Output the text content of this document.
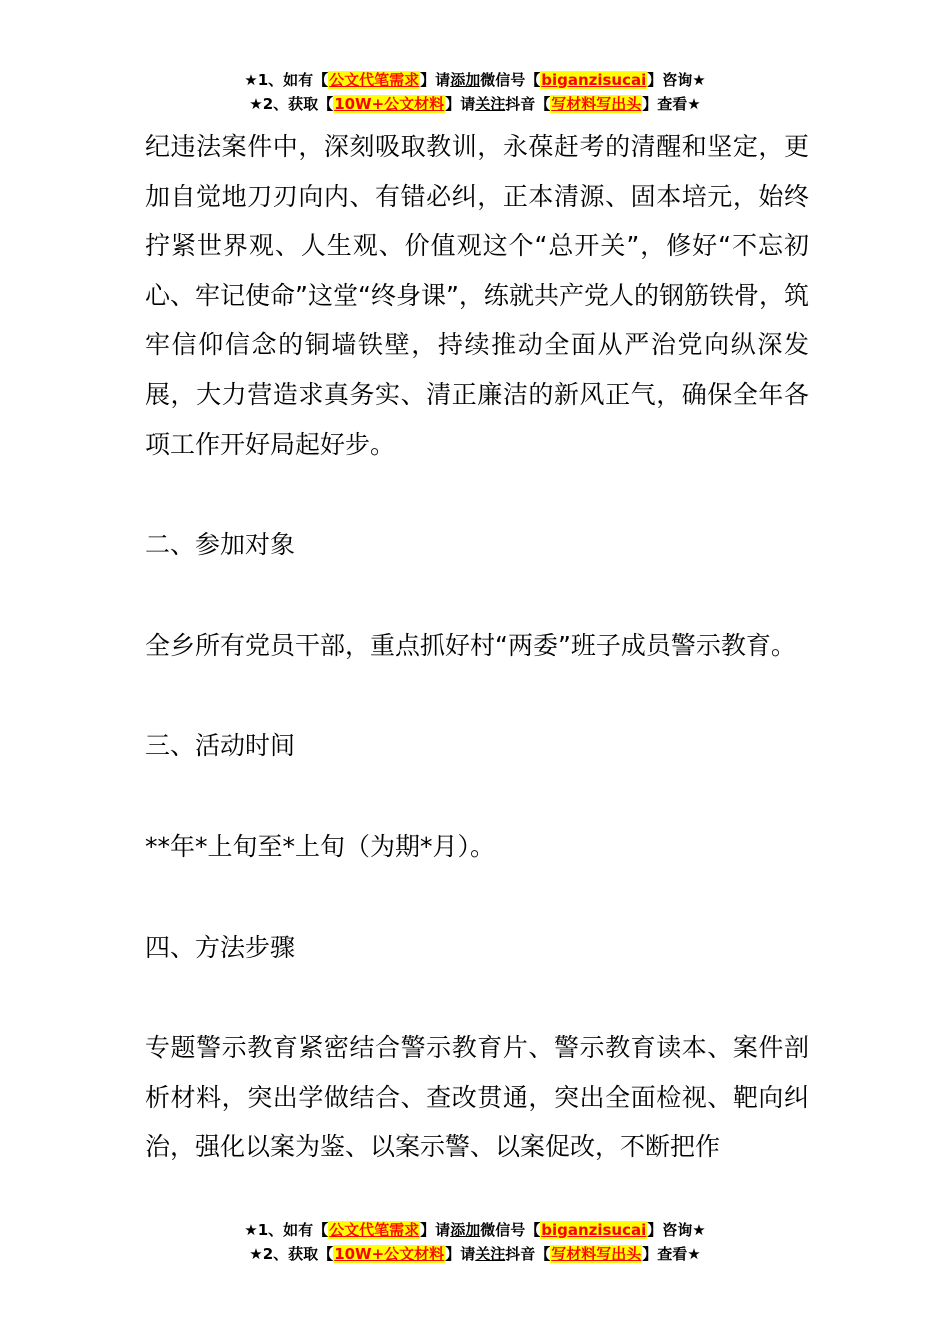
★1、如有【公文代笔需求】请添加微信号【biganzisucai】咨询★
★2、获取【10W+公文材料】请关注抖音【写材料写出头】查看★

纪违法案件中，深刻吸取教训，永葆赶考的清醒和坚定，更加自觉地刀刃向内、有错必纠，正本清源、固本培元，始终拧紧世界观、人生观、价值观这个“总开关”，修好“不忘初心、牢记使命”这堂“终身课”，练就共产党人的钢筋铁骨，筑牢信仰信念的铜墙铁壁，持续推动全面从严治党向纵深发展，大力营造求真务实、清正廉洁的新风正气，确保全年各项工作开好局起好步。

二、参加对象

全乡所有党员干部，重点抓好村“两委”班子成员警示教育。

三、活动时间

**年*上旬至*上旬（为期*月）。

四、方法步骤

专题警示教育紧密结合警示教育片、警示教育读本、案件剖析材料，突出学做结合、查改贯通，突出全面检视、靶向纠治，强化以案为鉴、以案示警、以案促改，不断把作

★1、如有【公文代笔需求】请添加微信号【biganzisucai】咨询★
★2、获取【10W+公文材料】请关注抖音【写材料写出头】查看★
